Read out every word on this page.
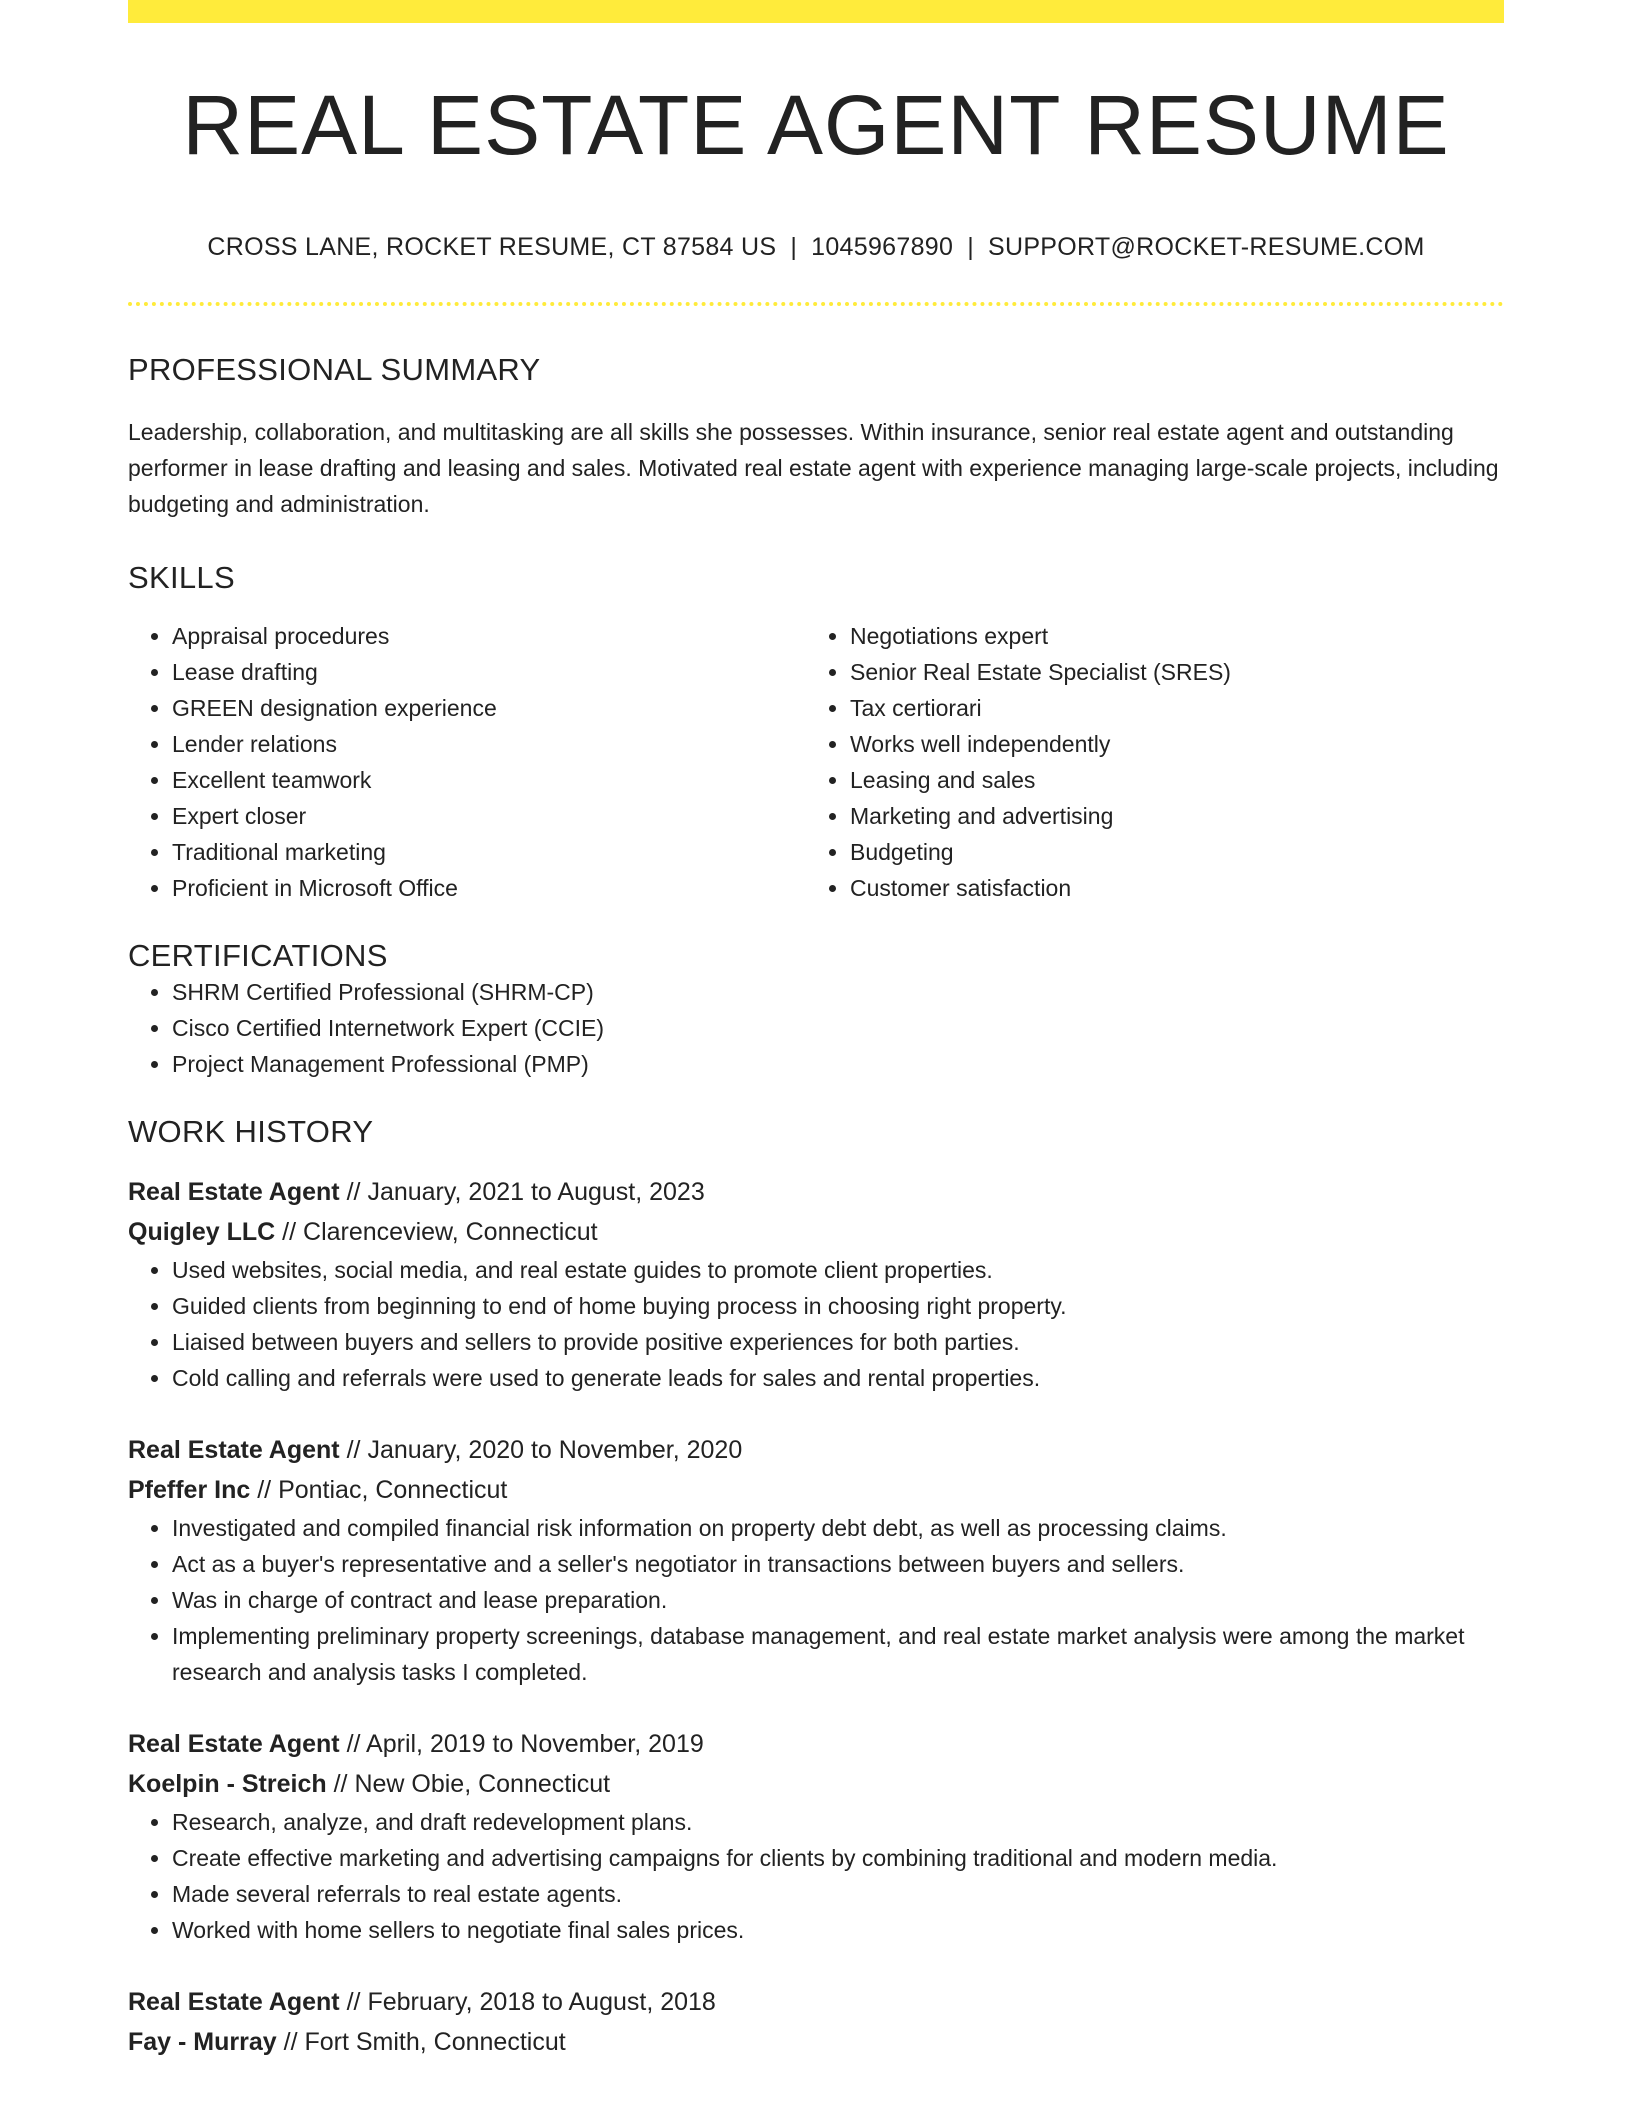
REAL ESTATE AGENT RESUME
CROSS LANE, ROCKET RESUME, CT 87584 US | 1045967890 | SUPPORT@ROCKET-RESUME.COM
PROFESSIONAL SUMMARY

Leadership, collaboration, and multitasking are all skills she possesses. Within insurance, senior real estate agent and outstanding performer in lease drafting and leasing and sales. Motivated real estate agent with experience managing large-scale projects, including budgeting and administration.

SKILLS
• Appraisal procedures
• Lease drafting
• GREEN designation experience
• Lender relations
• Excellent teamwork
• Expert closer
• Traditional marketing
• Proficient in Microsoft Office
• Negotiations expert
• Senior Real Estate Specialist (SRES)
• Tax certiorari
• Works well independently
• Leasing and sales
• Marketing and advertising
• Budgeting
• Customer satisfaction
CERTIFICATIONS
• SHRM Certified Professional (SHRM-CP)
• Cisco Certified Internetwork Expert (CCIE)
• Project Management Professional (PMP)
WORK HISTORY
Real Estate Agent // January, 2021 to August, 2023
Quigley LLC // Clarenceview, Connecticut
• Used websites, social media, and real estate guides to promote client properties.
• Guided clients from beginning to end of home buying process in choosing right property.
• Liaised between buyers and sellers to provide positive experiences for both parties.
• Cold calling and referrals were used to generate leads for sales and rental properties.
Real Estate Agent // January, 2020 to November, 2020
Pfeffer Inc // Pontiac, Connecticut
• Investigated and compiled financial risk information on property debt debt, as well as processing claims.
• Act as a buyer's representative and a seller's negotiator in transactions between buyers and sellers.
• Was in charge of contract and lease preparation.
• Implementing preliminary property screenings, database management, and real estate market analysis were among the market research and analysis tasks I completed.
Real Estate Agent // April, 2019 to November, 2019
Koelpin - Streich // New Obie, Connecticut
• Research, analyze, and draft redevelopment plans.
• Create effective marketing and advertising campaigns for clients by combining traditional and modern media.
• Made several referrals to real estate agents.
• Worked with home sellers to negotiate final sales prices.
Real Estate Agent // February, 2018 to August, 2018
Fay - Murray // Fort Smith, Connecticut
